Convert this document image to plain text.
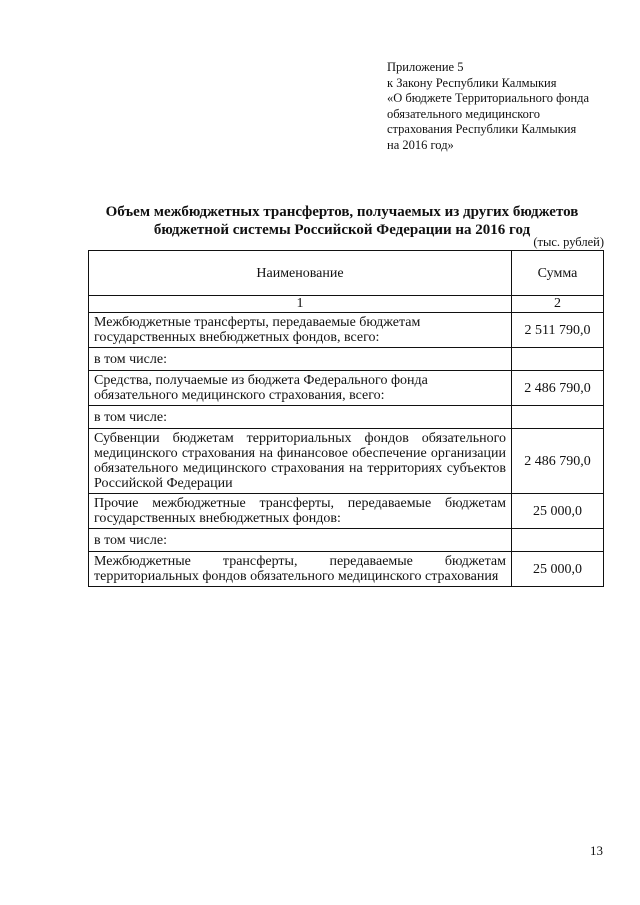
Приложение 5
к Закону Республики Калмыкия
«О бюджете Территориального фонда
обязательного медицинского
страхования Республики Калмыкия
на 2016 год»
Объем межбюджетных трансфертов, получаемых из других бюджетов
бюджетной системы Российской Федерации на 2016 год
(тыс. рублей)
Наименование	Сумма
1	2
Межбюджетные трансферты, передаваемые бюджетам государственных внебюджетных фондов, всего:	2 511 790,0
в том числе:	
Средства, получаемые из бюджета Федерального фонда обязательного медицинского страхования, всего:	2 486 790,0
в том числе:	
Субвенции бюджетам территориальных фондов обязательного медицинского страхования на финансовое обеспечение организации обязательного медицинского страхования на территориях субъектов Российской Федерации	2 486 790,0
Прочие межбюджетные трансферты, передаваемые бюджетам государственных внебюджетных фондов:	25 000,0
в том числе:	
Межбюджетные трансферты, передаваемые бюджетам территориальных фондов обязательного медицинского страхования	25 000,0
13
